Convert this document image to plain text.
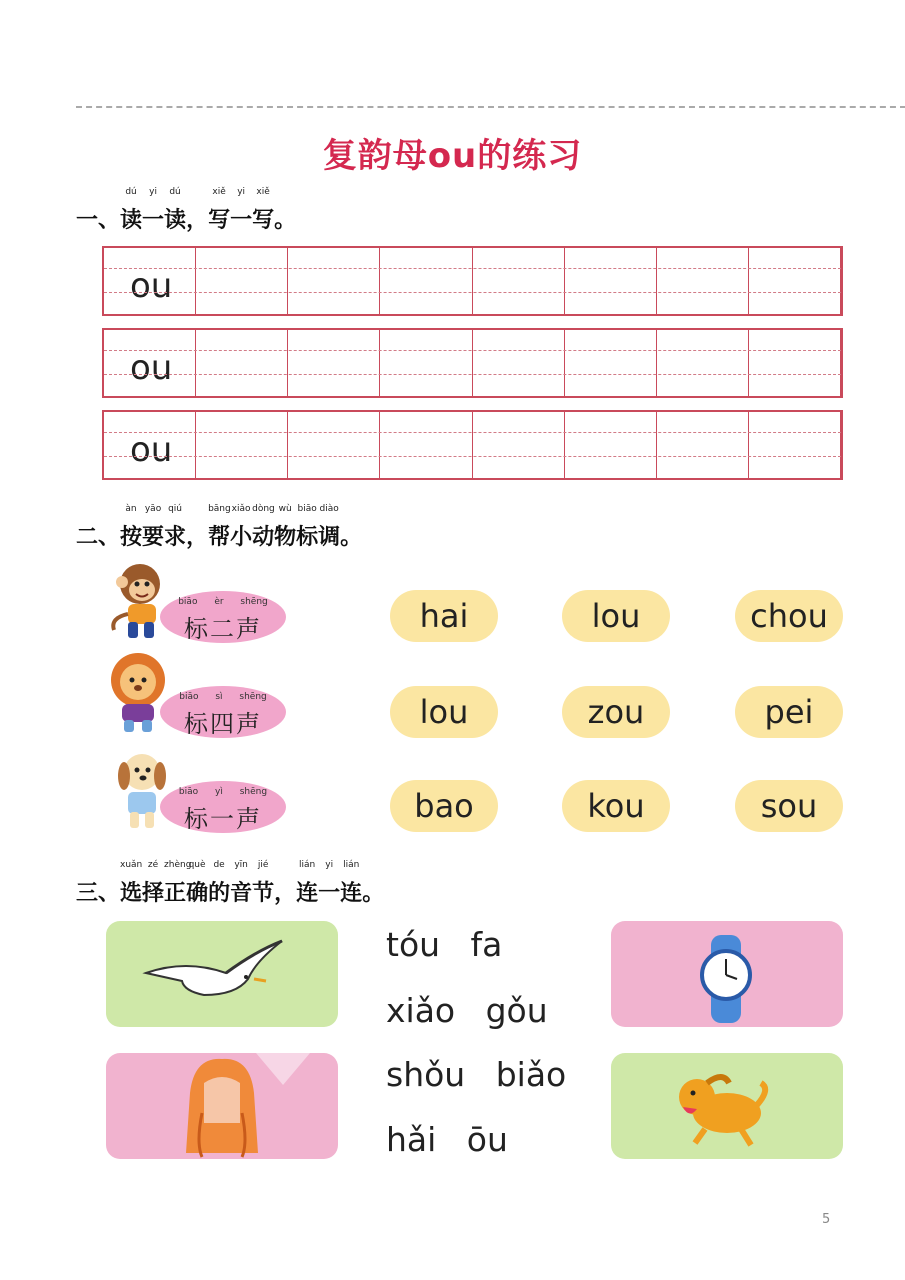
复韵母ou的练习
一、
dú
读
yi
一
dú
读，
xiě
写
yi
一
xiě
写。
ou
ou
ou
二、
àn
按
yāo
要
qiú
求，
bāng
帮
xiǎo
小
dòng
动
wù
物
biāo
标
diào
调。
biāo èr shēng
标二声	hai	lou	chou
biāo sì shēng
标四声	lou	zou	pei
biāo yì shēng
标一声	bao	kou	sou
三、
xuǎn
选
zé
择
zhèng
正
què
确
de
的
yīn
音
jié
节，
lián
连
yi
一
lián
连。
tóu fa
xiǎo gǒu
shǒu biǎo
hǎi ōu
5
